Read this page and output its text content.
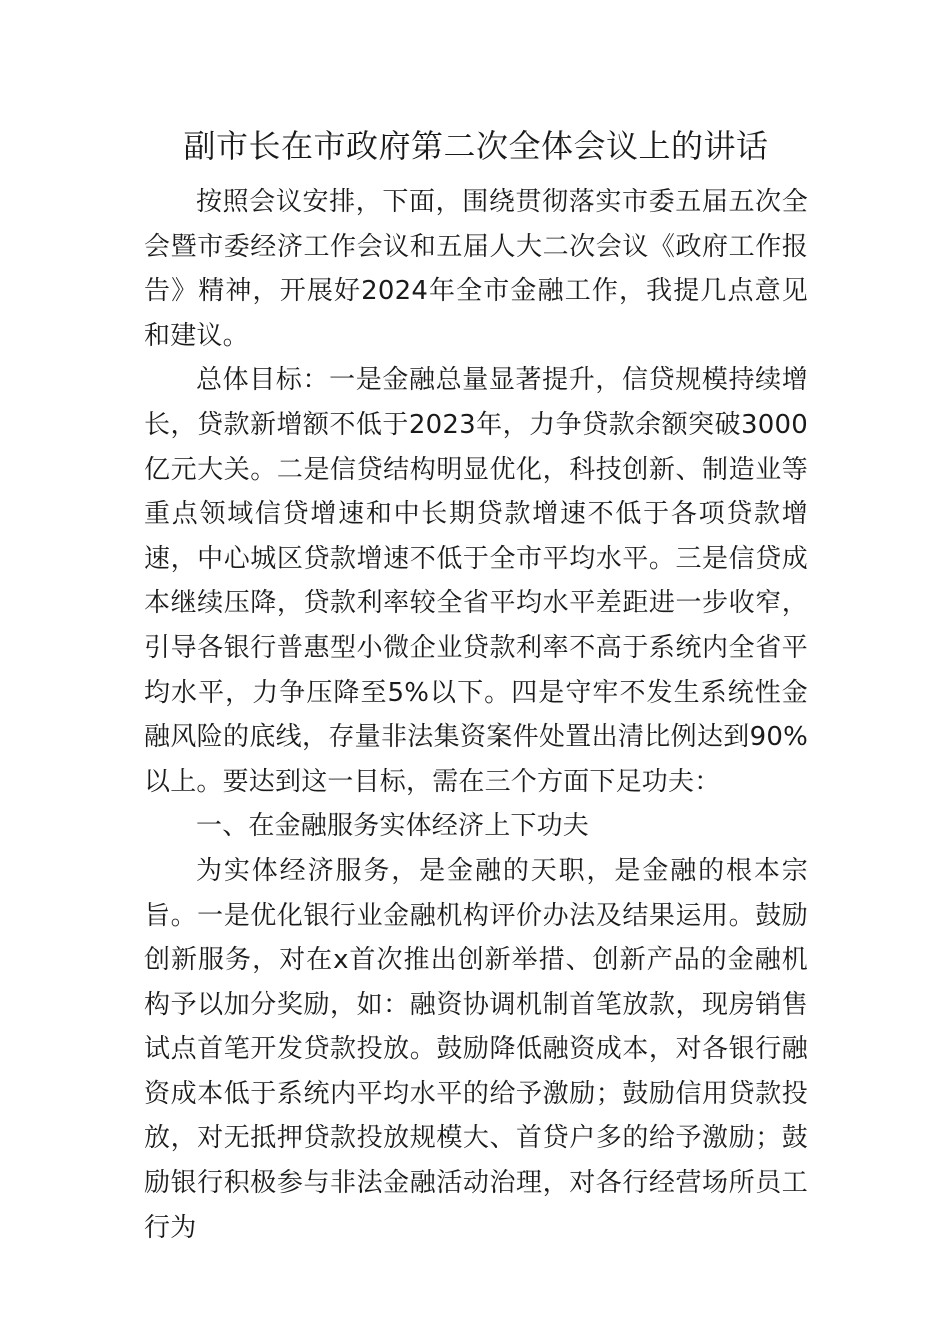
副市长在市政府第二次全体会议上的讲话

按照会议安排，下面，围绕贯彻落实市委五届五次全会暨市委经济工作会议和五届人大二次会议《政府工作报告》精神，开展好2024年全市金融工作，我提几点意见和建议。

总体目标：一是金融总量显著提升，信贷规模持续增长，贷款新增额不低于2023年，力争贷款余额突破3000亿元大关。二是信贷结构明显优化，科技创新、制造业等重点领域信贷增速和中长期贷款增速不低于各项贷款增速，中心城区贷款增速不低于全市平均水平。三是信贷成本继续压降，贷款利率较全省平均水平差距进一步收窄，引导各银行普惠型小微企业贷款利率不高于系统内全省平均水平，力争压降至5%以下。四是守牢不发生系统性金融风险的底线，存量非法集资案件处置出清比例达到90%以上。要达到这一目标，需在三个方面下足功夫：

一、在金融服务实体经济上下功夫

为实体经济服务，是金融的天职，是金融的根本宗旨。一是优化银行业金融机构评价办法及结果运用。鼓励创新服务，对在x首次推出创新举措、创新产品的金融机构予以加分奖励，如：融资协调机制首笔放款，现房销售试点首笔开发贷款投放。鼓励降低融资成本，对各银行融资成本低于系统内平均水平的给予激励；鼓励信用贷款投放，对无抵押贷款投放规模大、首贷户多的给予激励；鼓励银行积极参与非法金融活动治理，对各行经营场所员工行为
